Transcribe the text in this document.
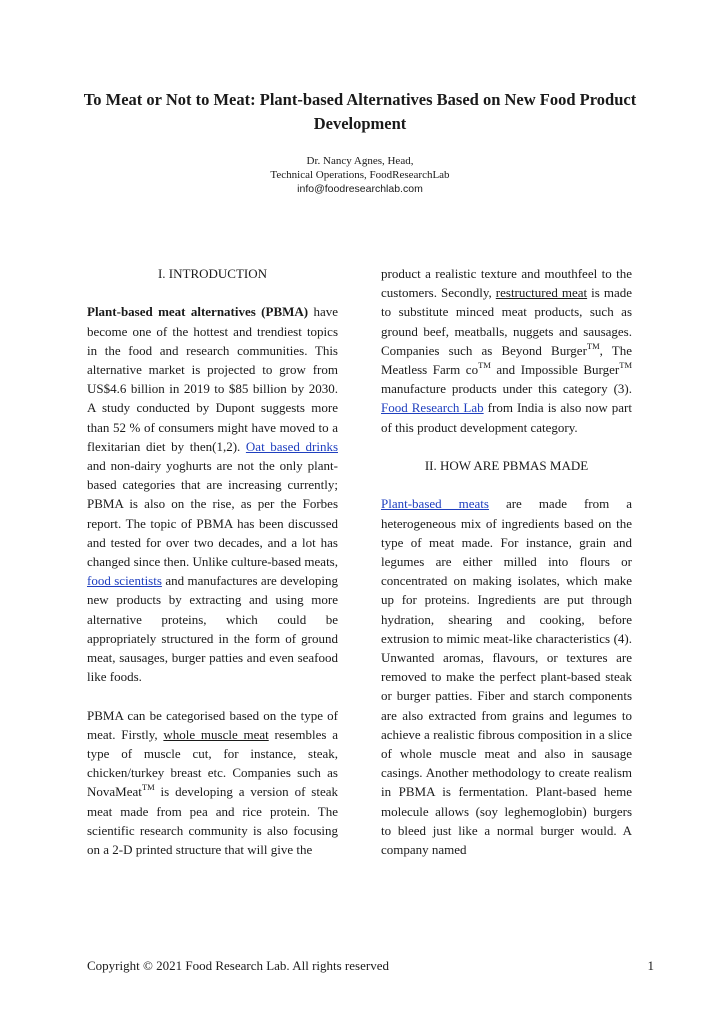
To Meat or Not to Meat: Plant-based Alternatives Based on New Food Product Development
Dr. Nancy Agnes, Head,
Technical Operations, FoodResearchLab
info@foodresearchlab.com

I. INTRODUCTION

Plant-based meat alternatives (PBMA) have become one of the hottest and trendiest topics in the food and research communities. This alternative market is projected to grow from US$4.6 billion in 2019 to $85 billion by 2030. A study conducted by Dupont suggests more than 52 % of consumers might have moved to a flexitarian diet by then(1,2). Oat based drinks and non-dairy yoghurts are not the only plant-based categories that are increasing currently; PBMA is also on the rise, as per the Forbes report. The topic of PBMA has been discussed and tested for over two decades, and a lot has changed since then. Unlike culture-based meats, food scientists and manufactures are developing new products by extracting and using more alternative proteins, which could be appropriately structured in the form of ground meat, sausages, burger patties and even seafood like foods.

PBMA can be categorised based on the type of meat. Firstly, whole muscle meat resembles a type of muscle cut, for instance, steak, chicken/turkey breast etc. Companies such as NovaMeat™ is developing a version of steak meat made from pea and rice protein. The scientific research community is also focusing on a 2-D printed structure that will give the

product a realistic texture and mouthfeel to the customers. Secondly, restructured meat is made to substitute minced meat products, such as ground beef, meatballs, nuggets and sausages. Companies such as Beyond Burger™, The Meatless Farm co™ and Impossible Burger™ manufacture products under this category (3). Food Research Lab from India is also now part of this product development category.

II. HOW ARE PBMAS MADE

Plant-based meats are made from a heterogeneous mix of ingredients based on the type of meat made. For instance, grain and legumes are either milled into flours or concentrated on making isolates, which make up for proteins. Ingredients are put through hydration, shearing and cooking, before extrusion to mimic meat-like characteristics (4). Unwanted aromas, flavours, or textures are removed to make the perfect plant-based steak or burger patties. Fiber and starch components are also extracted from grains and legumes to achieve a realistic fibrous composition in a slice of whole muscle meat and also in sausage casings. Another methodology to create realism in PBMA is fermentation. Plant-based heme molecule allows (soy leghemoglobin) burgers to bleed just like a normal burger would. A company named

Copyright © 2021 Food Research Lab. All rights reserved	1
